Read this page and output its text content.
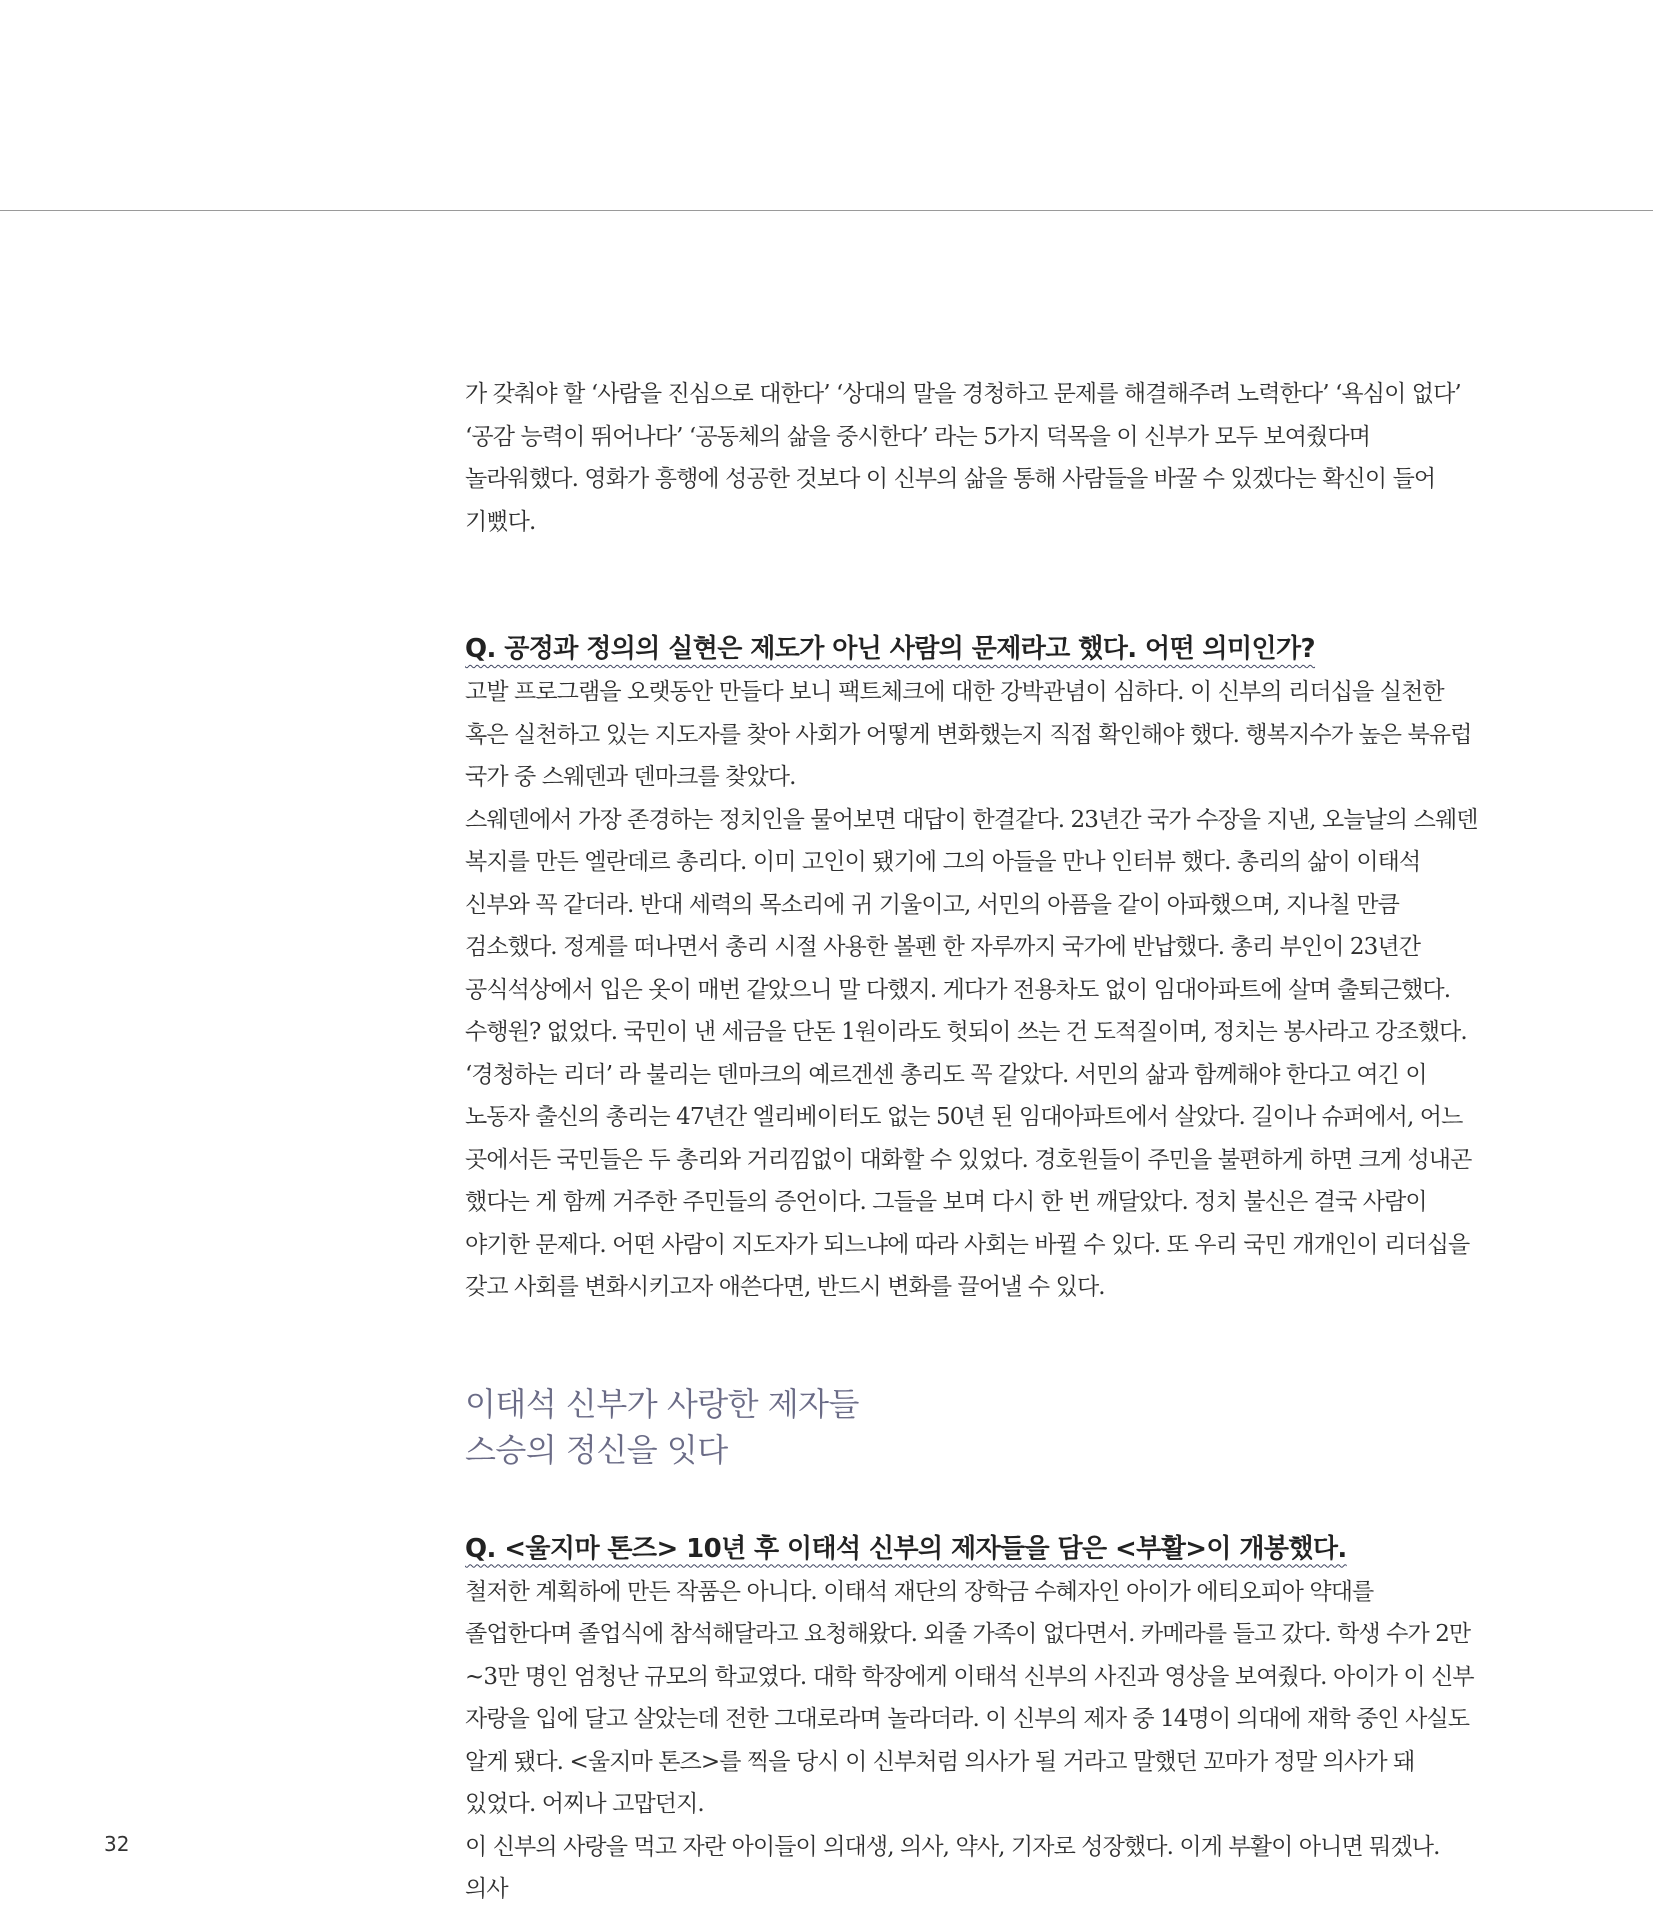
가 갖춰야 할 ‘사람을 진심으로 대한다’ ‘상대의 말을 경청하고 문제를 해결해주려 노력한다’ ‘욕심이 없다’ ‘공감 능력이 뛰어나다’ ‘공동체의 삶을 중시한다’ 라는 5가지 덕목을 이 신부가 모두 보여줬다며 놀라워했다. 영화가 흥행에 성공한 것보다 이 신부의 삶을 통해 사람들을 바꿀 수 있겠다는 확신이 들어 기뻤다.

Q. 공정과 정의의 실현은 제도가 아닌 사람의 문제라고 했다. 어떤 의미인가?

고발 프로그램을 오랫동안 만들다 보니 팩트체크에 대한 강박관념이 심하다. 이 신부의 리더십을 실천한 혹은 실천하고 있는 지도자를 찾아 사회가 어떻게 변화했는지 직접 확인해야 했다. 행복지수가 높은 북유럽 국가 중 스웨덴과 덴마크를 찾았다.

스웨덴에서 가장 존경하는 정치인을 물어보면 대답이 한결같다. 23년간 국가 수장을 지낸, 오늘날의 스웨덴 복지를 만든 엘란데르 총리다. 이미 고인이 됐기에 그의 아들을 만나 인터뷰 했다. 총리의 삶이 이태석 신부와 꼭 같더라. 반대 세력의 목소리에 귀 기울이고, 서민의 아픔을 같이 아파했으며, 지나칠 만큼 검소했다. 정계를 떠나면서 총리 시절 사용한 볼펜 한 자루까지 국가에 반납했다. 총리 부인이 23년간 공식석상에서 입은 옷이 매번 같았으니 말 다했지. 게다가 전용차도 없이 임대아파트에 살며 출퇴근했다. 수행원? 없었다. 국민이 낸 세금을 단돈 1원이라도 헛되이 쓰는 건 도적질이며, 정치는 봉사라고 강조했다.

‘경청하는 리더’ 라 불리는 덴마크의 예르겐센 총리도 꼭 같았다. 서민의 삶과 함께해야 한다고 여긴 이 노동자 출신의 총리는 47년간 엘리베이터도 없는 50년 된 임대아파트에서 살았다. 길이나 슈퍼에서, 어느 곳에서든 국민들은 두 총리와 거리낌없이 대화할 수 있었다. 경호원들이 주민을 불편하게 하면 크게 성내곤 했다는 게 함께 거주한 주민들의 증언이다. 그들을 보며 다시 한 번 깨달았다. 정치 불신은 결국 사람이 야기한 문제다. 어떤 사람이 지도자가 되느냐에 따라 사회는 바뀔 수 있다. 또 우리 국민 개개인이 리더십을 갖고 사회를 변화시키고자 애쓴다면, 반드시 변화를 끌어낼 수 있다.

이태석 신부가 사랑한 제자들

스승의 정신을 잇다

Q. <울지마 톤즈> 10년 후 이태석 신부의 제자들을 담은 <부활>이 개봉했다.

철저한 계획하에 만든 작품은 아니다. 이태석 재단의 장학금 수혜자인 아이가 에티오피아 약대를 졸업한다며 졸업식에 참석해달라고 요청해왔다. 외줄 가족이 없다면서. 카메라를 들고 갔다. 학생 수가 2만~3만 명인 엄청난 규모의 학교였다. 대학 학장에게 이태석 신부의 사진과 영상을 보여줬다. 아이가 이 신부 자랑을 입에 달고 살았는데 전한 그대로라며 놀라더라. 이 신부의 제자 중 14명이 의대에 재학 중인 사실도 알게 됐다. <울지마 톤즈>를 찍을 당시 이 신부처럼 의사가 될 거라고 말했던 꼬마가 정말 의사가 돼 있었다. 어찌나 고맙던지.

이 신부의 사랑을 먹고 자란 아이들이 의대생, 의사, 약사, 기자로 성장했다. 이게 부활이 아니면 뭐겠나. 의사

32
